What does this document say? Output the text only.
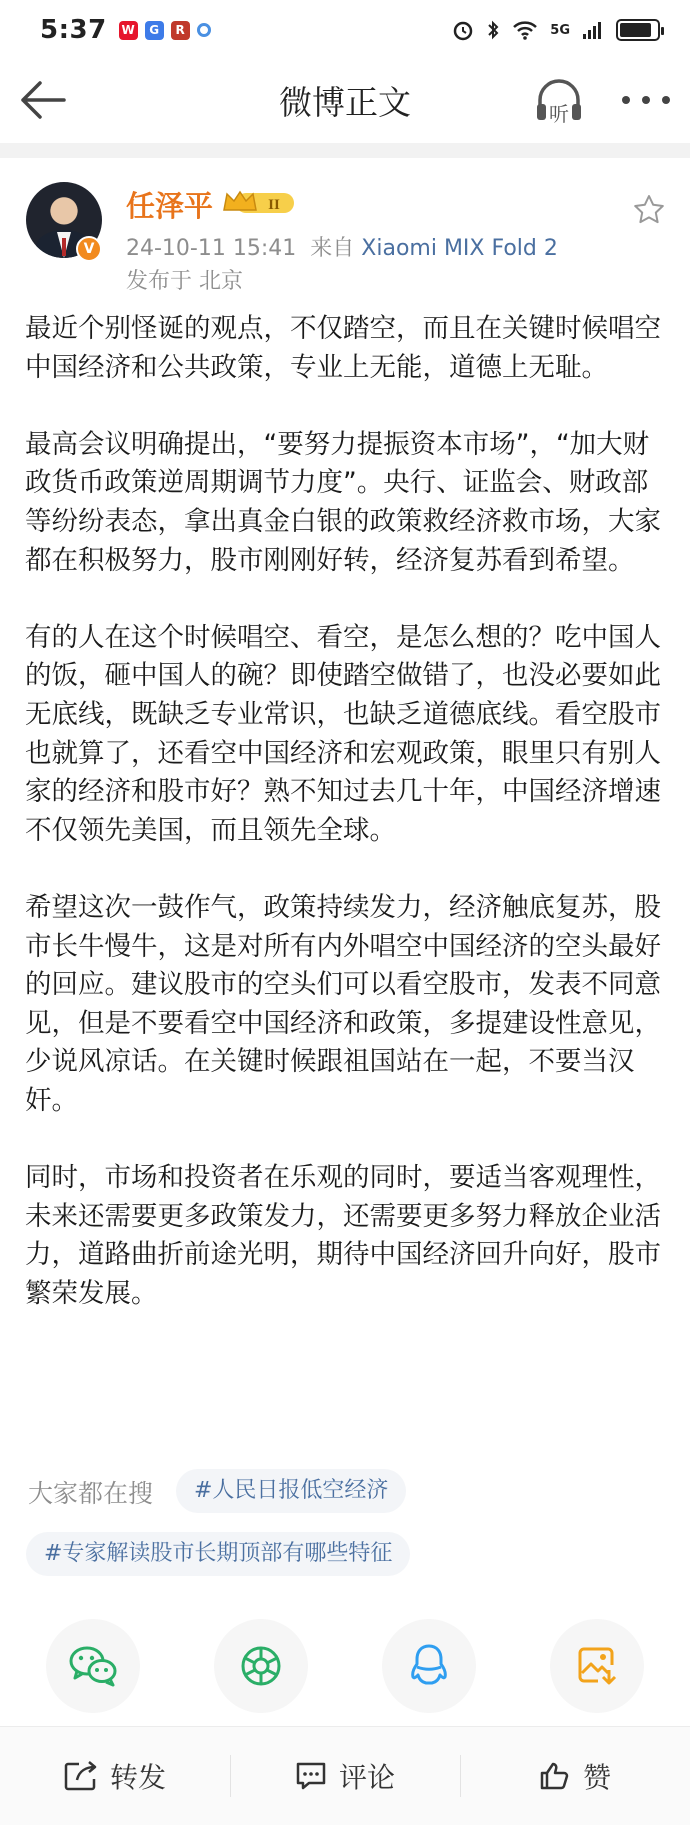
5:37 W	G	R	5G
微博正文	听
V
任泽平	II
24-10-11 15:41 来自 Xiaomi MIX Fold 2
发布于 北京

最近个别怪诞的观点，不仅踏空，而且在关键时候唱空中国经济和公共政策，专业上无能，道德上无耻。

最高会议明确提出，“要努力提振资本市场”，“加大财政货币政策逆周期调节力度”。央行、证监会、财政部等纷纷表态，拿出真金白银的政策救经济救市场，大家都在积极努力，股市刚刚好转，经济复苏看到希望。

有的人在这个时候唱空、看空，是怎么想的？吃中国人的饭，砸中国人的碗？即使踏空做错了，也没必要如此无底线，既缺乏专业常识，也缺乏道德底线。看空股市也就算了，还看空中国经济和宏观政策，眼里只有别人家的经济和股市好？熟不知过去几十年，中国经济增速不仅领先美国，而且领先全球。

希望这次一鼓作气，政策持续发力，经济触底复苏，股市长牛慢牛，这是对所有内外唱空中国经济的空头最好的回应。建议股市的空头们可以看空股市，发表不同意见，但是不要看空中国经济和政策，多提建设性意见，少说风凉话。在关键时候跟祖国站在一起，不要当汉奸。

同时，市场和投资者在乐观的同时，要适当客观理性，未来还需要更多政策发力，还需要更多努力释放企业活力，道路曲折前途光明，期待中国经济回升向好，股市繁荣发展。

大家都在搜	#人民日报低空经济
#专家解读股市长期顶部有哪些特征
转发	评论	赞
